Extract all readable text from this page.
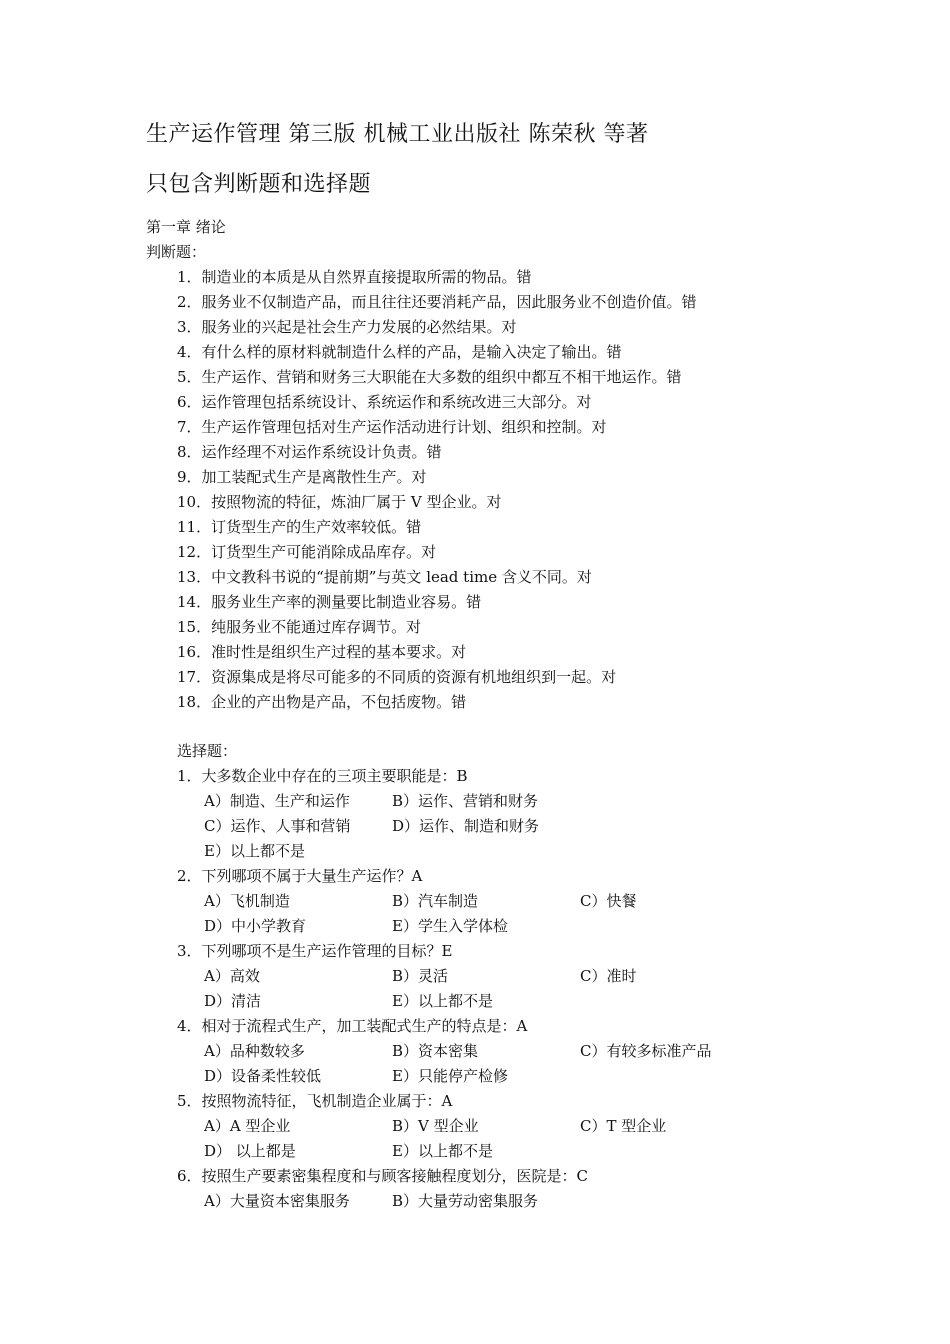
生产运作管理 第三版 机械工业出版社 陈荣秋 等著
只包含判断题和选择题
第一章 绪论
判断题：
1．制造业的本质是从自然界直接提取所需的物品。错
2．服务业不仅制造产品，而且往往还要消耗产品，因此服务业不创造价值。错
3．服务业的兴起是社会生产力发展的必然结果。对
4．有什么样的原材料就制造什么样的产品，是输入决定了输出。错
5．生产运作、营销和财务三大职能在大多数的组织中都互不相干地运作。错
6．运作管理包括系统设计、系统运作和系统改进三大部分。对
7．生产运作管理包括对生产运作活动进行计划、组织和控制。对
8．运作经理不对运作系统设计负责。错
9．加工装配式生产是离散性生产。对
10．按照物流的特征，炼油厂属于 V 型企业。对
11．订货型生产的生产效率较低。错
12．订货型生产可能消除成品库存。对
13．中文教科书说的“提前期”与英文 lead time 含义不同。对
14．服务业生产率的测量要比制造业容易。错
15．纯服务业不能通过库存调节。对
16．准时性是组织生产过程的基本要求。对
17．资源集成是将尽可能多的不同质的资源有机地组织到一起。对
18．企业的产出物是产品，不包括废物。错
选择题：
1．大多数企业中存在的三项主要职能是：B
A）制造、生产和运作	B）运作、营销和财务
C）运作、人事和营销	D）运作、制造和财务
E）以上都不是
2．下列哪项不属于大量生产运作？A
A）飞机制造	B）汽车制造	C）快餐
D）中小学教育	E）学生入学体检
3．下列哪项不是生产运作管理的目标？E
A）高效	B）灵活	C）准时
D）清洁	E）以上都不是
4．相对于流程式生产，加工装配式生产的特点是：A
A）品种数较多	B）资本密集	C）有较多标准产品
D）设备柔性较低	E）只能停产检修
5．按照物流特征，飞机制造企业属于：A
A）A 型企业	B）V 型企业	C）T 型企业
D） 以上都是	E）以上都不是
6．按照生产要素密集程度和与顾客接触程度划分，医院是：C
A）大量资本密集服务	B）大量劳动密集服务
